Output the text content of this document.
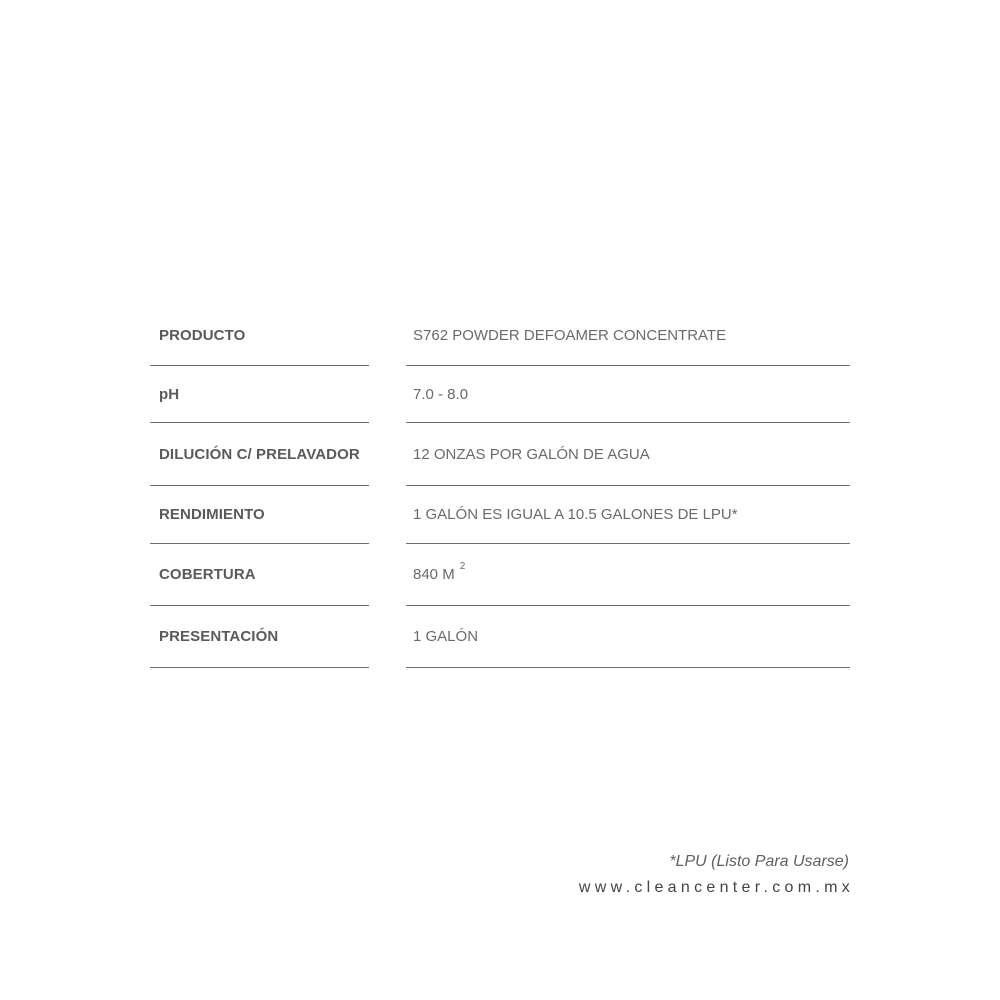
PRODUCTO	S762 POWDER DEFOAMER CONCENTRATE
pH	7.0 - 8.0
DILUCIÓN C/ PRELAVADOR	12 ONZAS POR GALÓN DE AGUA
RENDIMIENTO	1 GALÓN ES IGUAL A 10.5 GALONES DE LPU*
COBERTURA	840 M $^2$
PRESENTACIÓN	1 GALÓN
*LPU (Listo Para Usarse)
www.cleancenter.com.mx
